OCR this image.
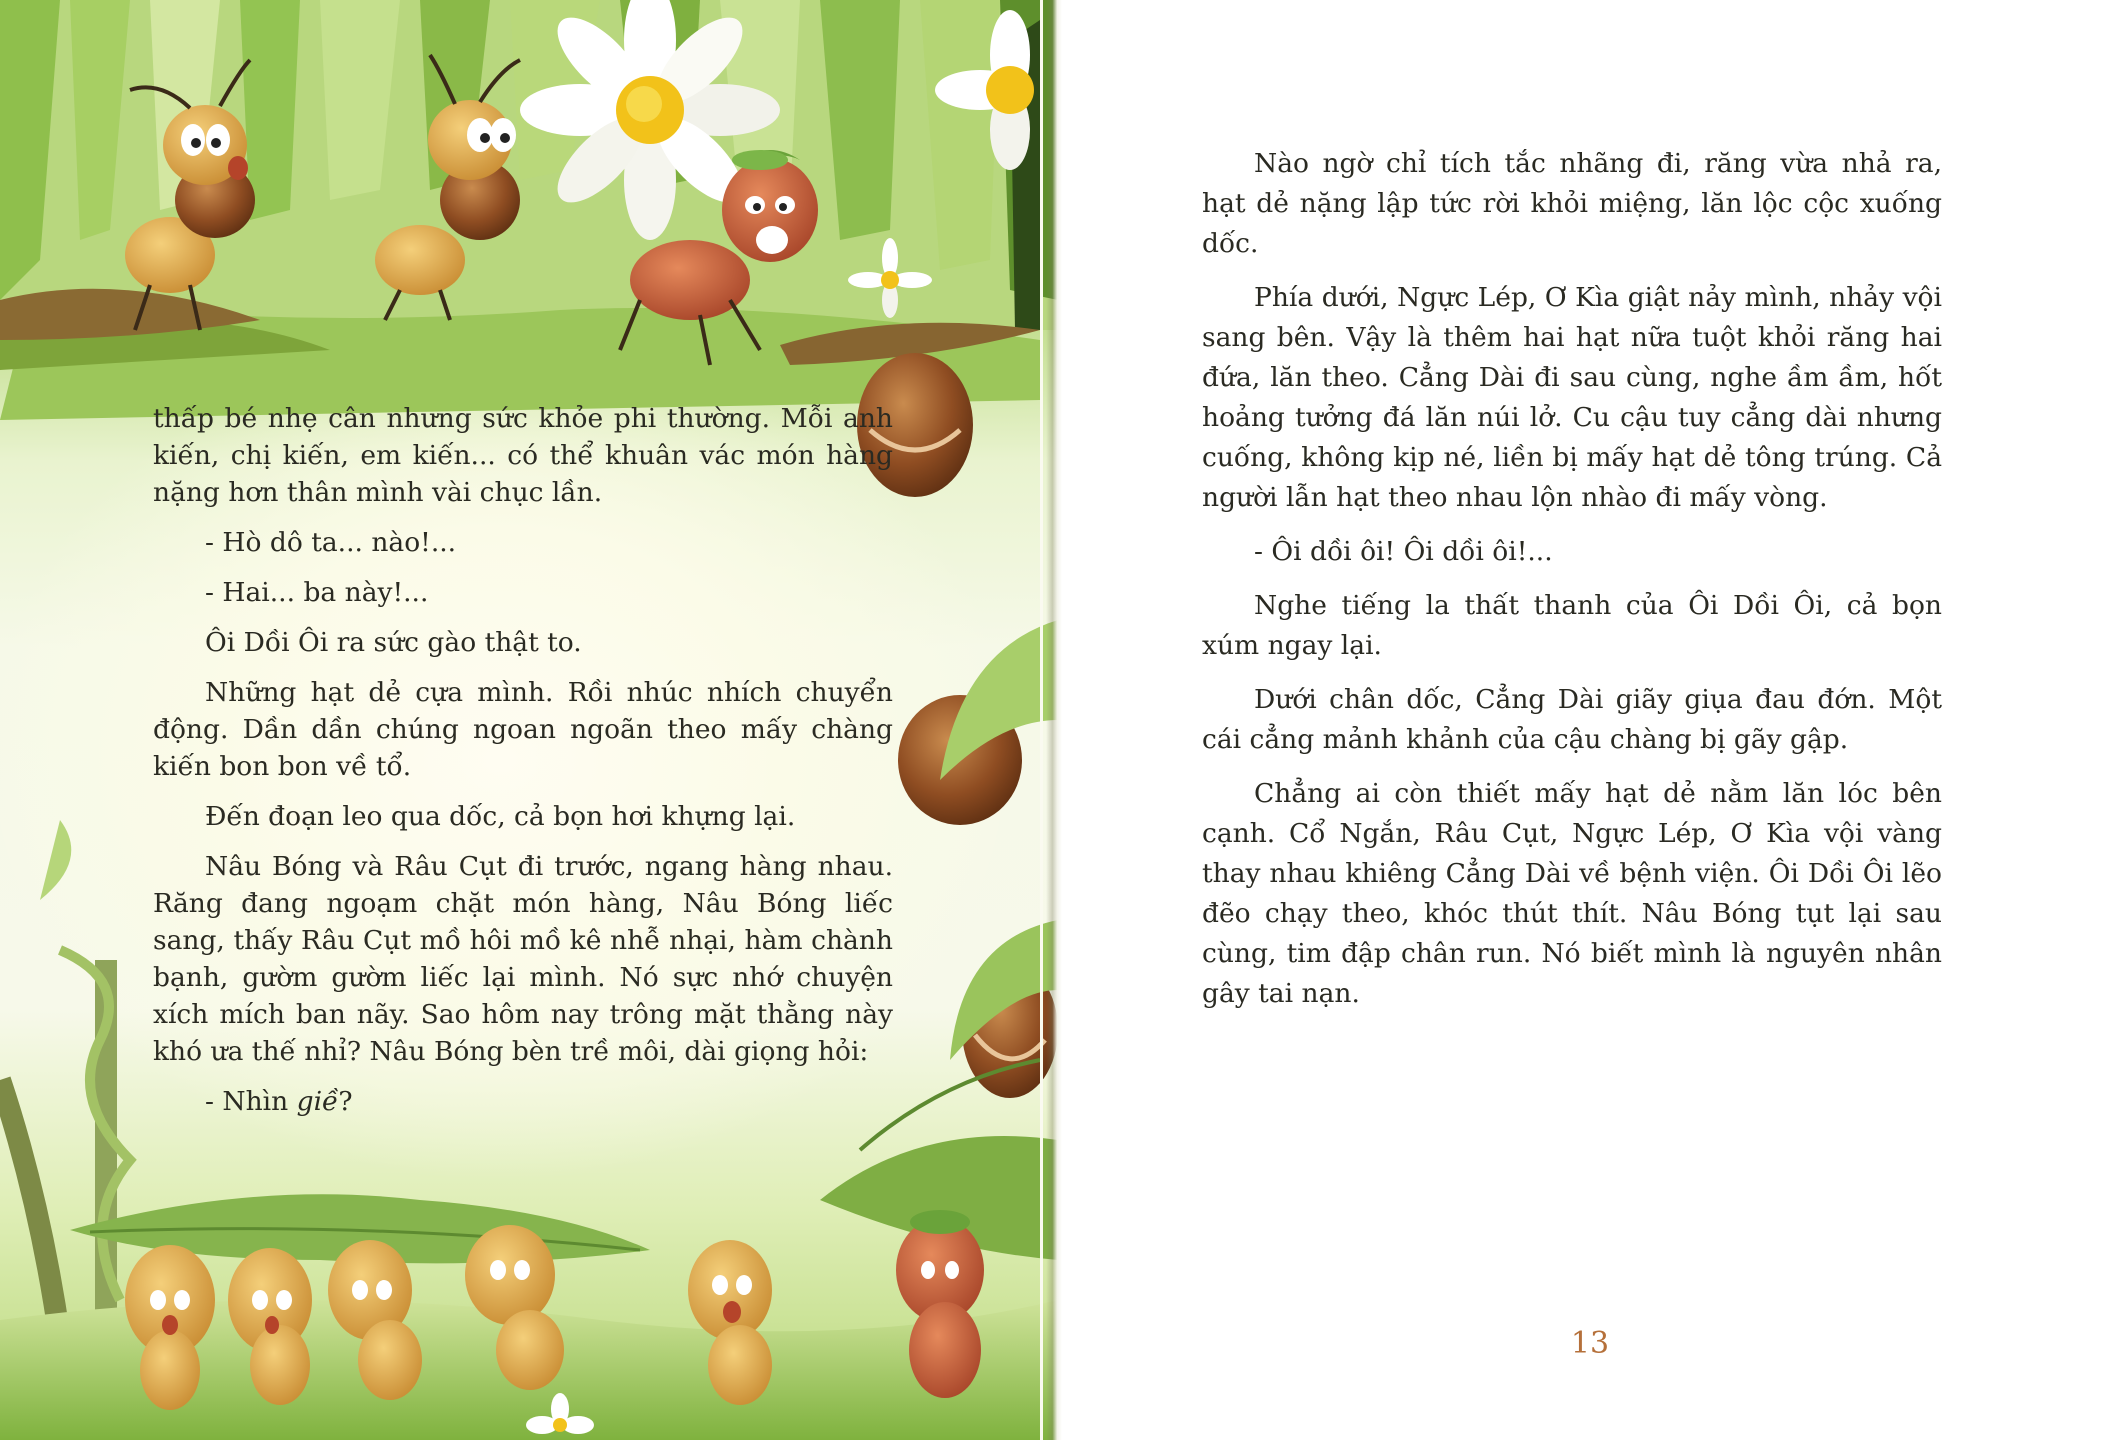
thấp bé nhẹ cân nhưng sức khỏe phi thường. Mỗi anh kiến, chị kiến, em kiến... có thể khuân vác món hàng nặng hơn thân mình vài chục lần.

- Hò dô ta... nào!...

- Hai... ba này!...

Ôi Dồi Ôi ra sức gào thật to.

Những hạt dẻ cựa mình. Rồi nhúc nhích chuyển động. Dần dần chúng ngoan ngoãn theo mấy chàng kiến bon bon về tổ.

Đến đoạn leo qua dốc, cả bọn hơi khựng lại.

Nâu Bóng và Râu Cụt đi trước, ngang hàng nhau. Răng đang ngoạm chặt món hàng, Nâu Bóng liếc sang, thấy Râu Cụt mồ hôi mồ kê nhễ nhại, hàm chành bạnh, gườm gườm liếc lại mình. Nó sực nhớ chuyện xích mích ban nãy. Sao hôm nay trông mặt thằng này khó ưa thế nhỉ? Nâu Bóng bèn trề môi, dài giọng hỏi:

- Nhìn giề?

Nào ngờ chỉ tích tắc nhãng đi, răng vừa nhả ra, hạt dẻ nặng lập tức rời khỏi miệng, lăn lộc cộc xuống dốc.

Phía dưới, Ngực Lép, Ơ Kìa giật nảy mình, nhảy vội sang bên. Vậy là thêm hai hạt nữa tuột khỏi răng hai đứa, lăn theo. Cẳng Dài đi sau cùng, nghe ầm ầm, hốt hoảng tưởng đá lăn núi lở. Cu cậu tuy cẳng dài nhưng cuống, không kịp né, liền bị mấy hạt dẻ tông trúng. Cả người lẫn hạt theo nhau lộn nhào đi mấy vòng.

- Ôi dồi ôi! Ôi dồi ôi!...

Nghe tiếng la thất thanh của Ôi Dồi Ôi, cả bọn xúm ngay lại.

Dưới chân dốc, Cẳng Dài giãy giụa đau đớn. Một cái cẳng mảnh khảnh của cậu chàng bị gãy gập.

Chẳng ai còn thiết mấy hạt dẻ nằm lăn lóc bên cạnh. Cổ Ngắn, Râu Cụt, Ngực Lép, Ơ Kìa vội vàng thay nhau khiêng Cẳng Dài về bệnh viện. Ôi Dồi Ôi lẽo đẽo chạy theo, khóc thút thít. Nâu Bóng tụt lại sau cùng, tim đập chân run. Nó biết mình là nguyên nhân gây tai nạn.

13
